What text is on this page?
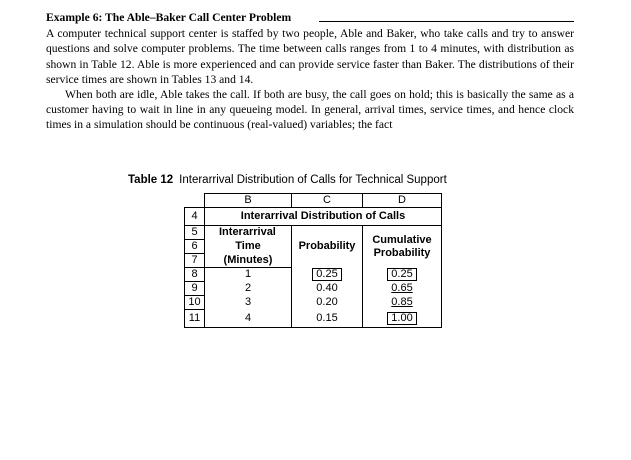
Example 6: The Able–Baker Call Center Problem

A computer technical support center is staffed by two people, Able and Baker, who take calls and try to answer questions and solve computer problems. The time between calls ranges from 1 to 4 minutes, with distribution as shown in Table 12. Able is more experienced and can provide service faster than Baker. The distributions of their service times are shown in Tables 13 and 14.

When both are idle, Able takes the call. If both are busy, the call goes on hold; this is basically the same as a customer having to wait in line in any queueing model. In general, arrival times, service times, and hence clock times in a simulation should be continuous (real-valued) variables; the fact

Table 12 Interarrival Distribution of Calls for Technical Support
	B	C	D
4	Interarrival Distribution of Calls		
5	Interarrival	Probability	Cumulative
Probability
6	Time		
7	(Minutes)		
8	1	0.25	0.25
9	2	0.40	0.65
10	3	0.20	0.85
11	4	0.15	1.00
